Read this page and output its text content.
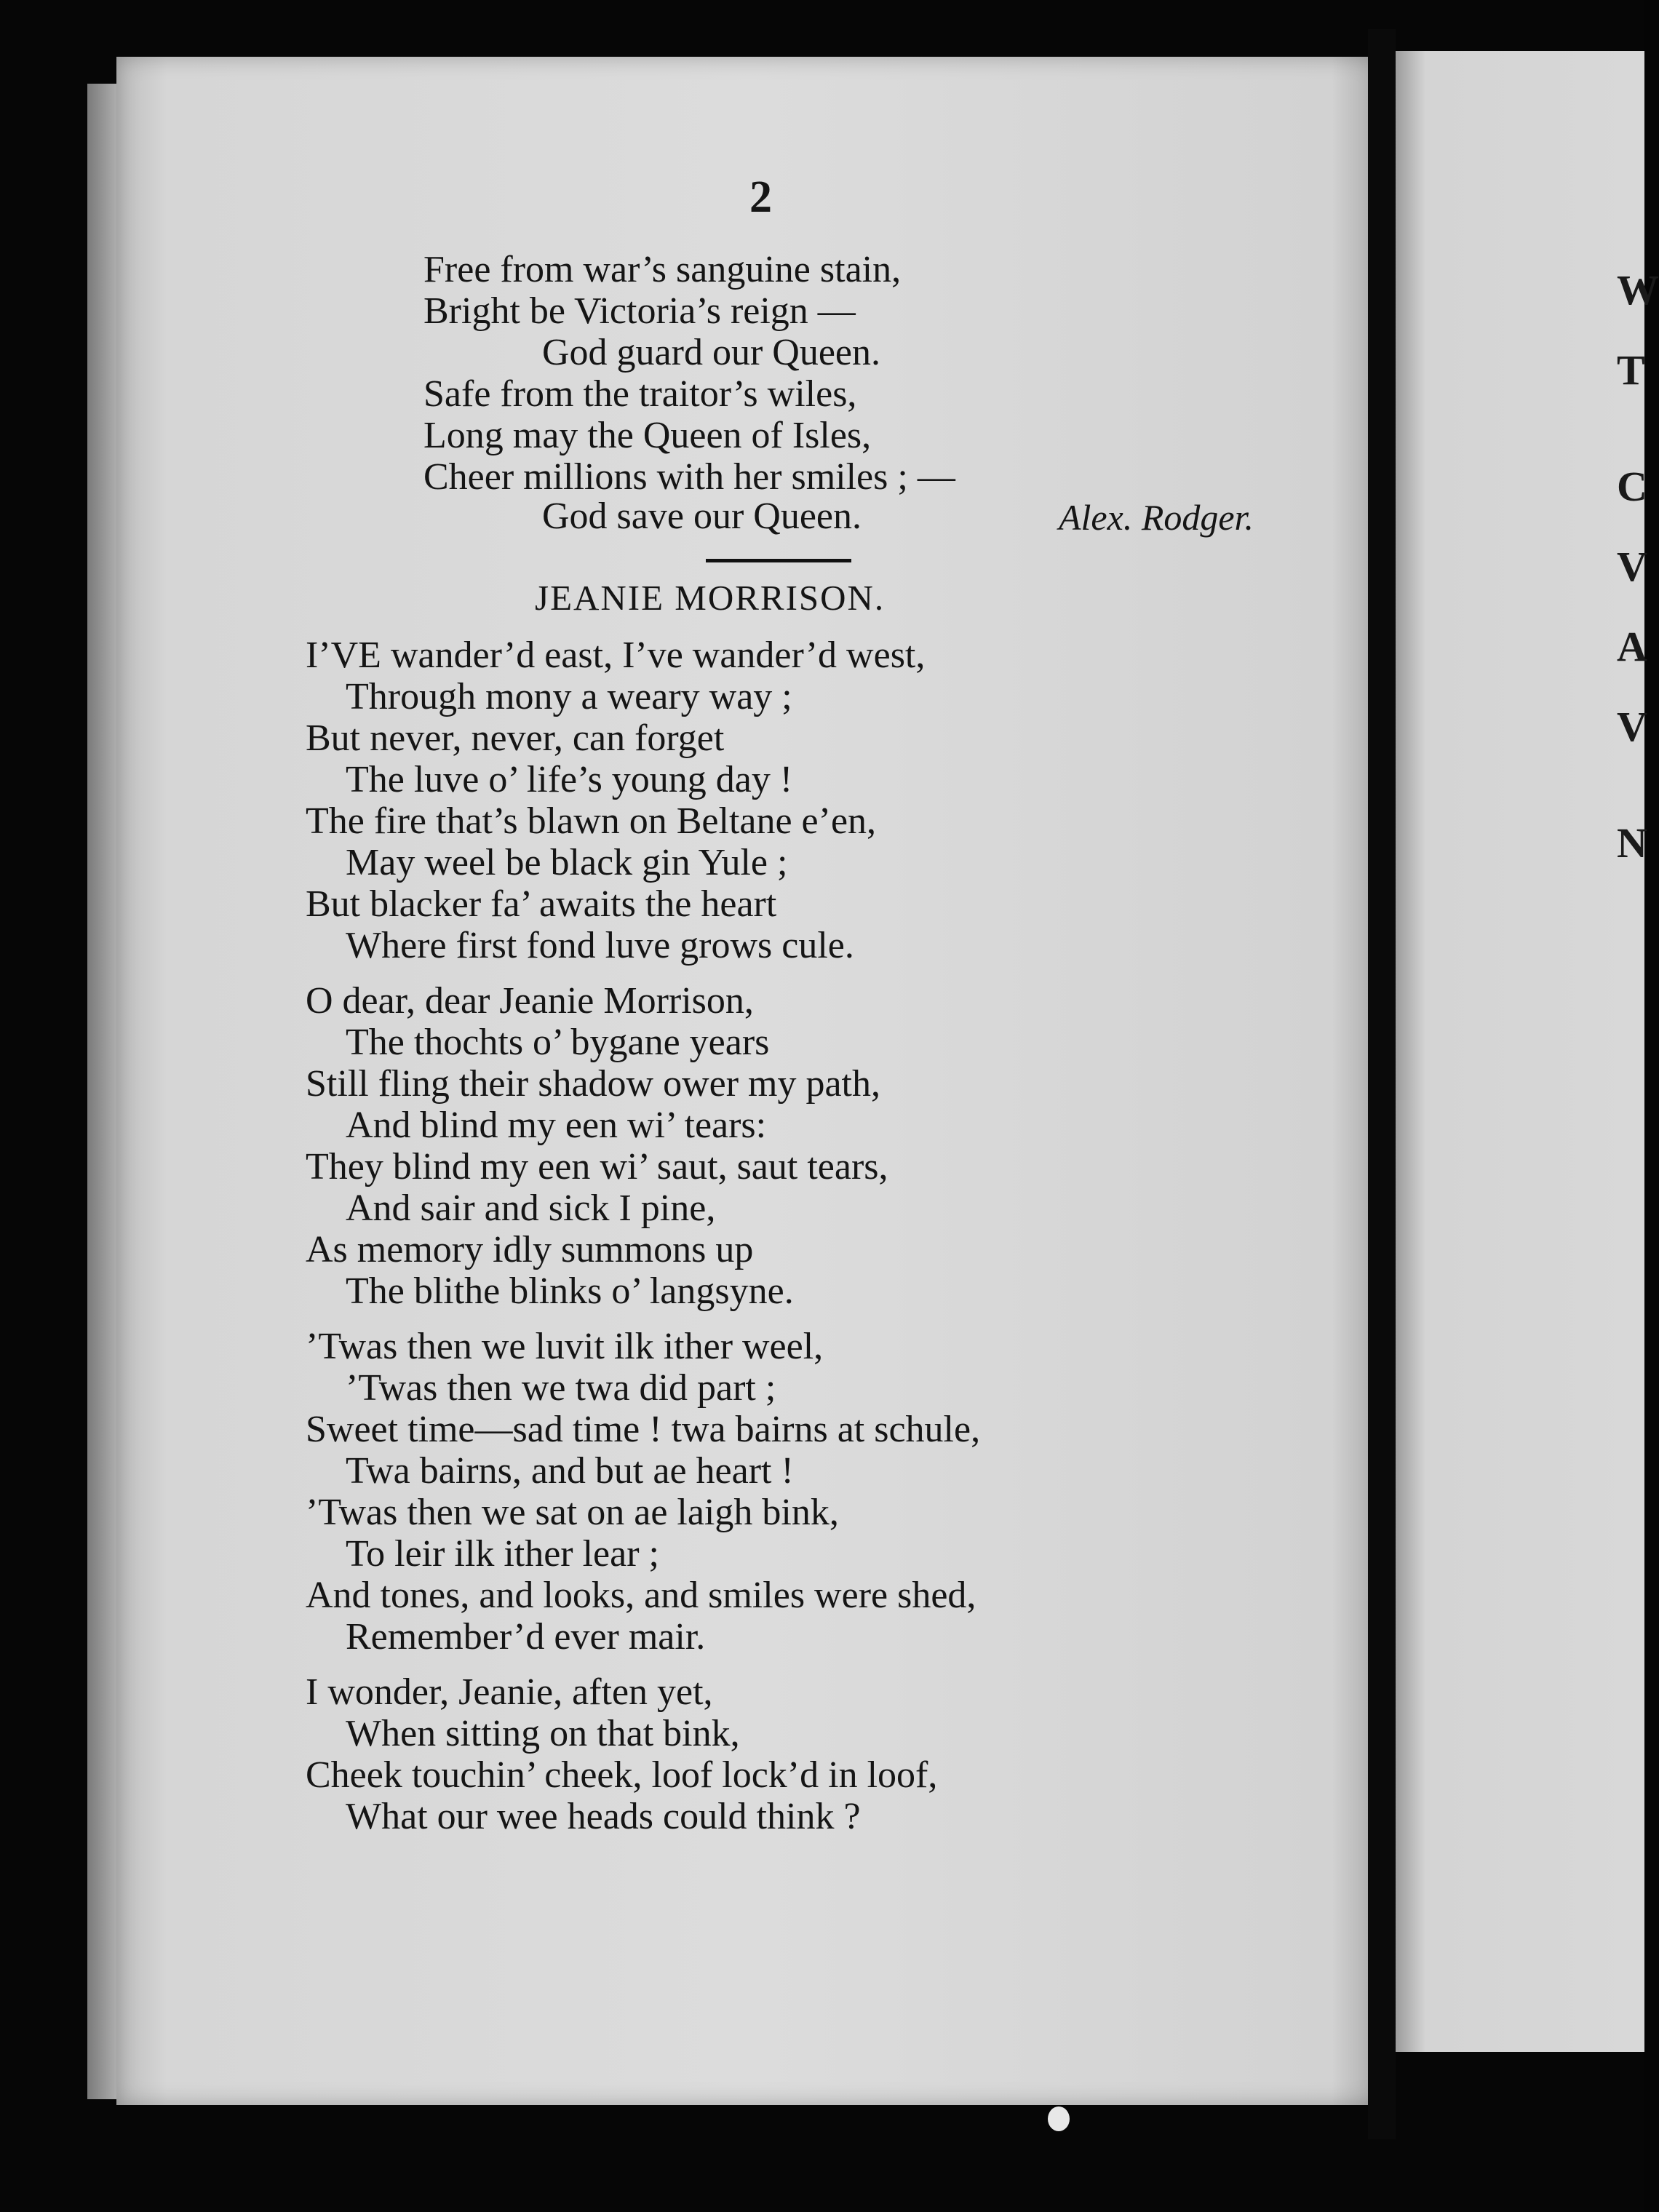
2
Free from war’s sanguine stain,
Bright be Victoria’s reign —
God guard our Queen.
Safe from the traitor’s wiles,
Long may the Queen of Isles,
Cheer millions with her smiles ; —
God save our Queen.	Alex. Rodger.
JEANIE MORRISON.
I’VE wander’d east, I’ve wander’d west,
Through mony a weary way ;
But never, never, can forget
The luve o’ life’s young day !
The fire that’s blawn on Beltane e’en,
May weel be black gin Yule ;
But blacker fa’ awaits the heart
Where first fond luve grows cule.
O dear, dear Jeanie Morrison,
The thochts o’ bygane years
Still fling their shadow ower my path,
And blind my een wi’ tears:
They blind my een wi’ saut, saut tears,
And sair and sick I pine,
As memory idly summons up
The blithe blinks o’ langsyne.
’Twas then we luvit ilk ither weel,
’Twas then we twa did part ;
Sweet time—sad time ! twa bairns at schule,
Twa bairns, and but ae heart !
’Twas then we sat on ae laigh bink,
To leir ilk ither lear ;
And tones, and looks, and smiles were shed,
Remember’d ever mair.
I wonder, Jeanie, aften yet,
When sitting on that bink,
Cheek touchin’ cheek, loof lock’d in loof,
What our wee heads could think ?
W
T
C
V
A
V
N
